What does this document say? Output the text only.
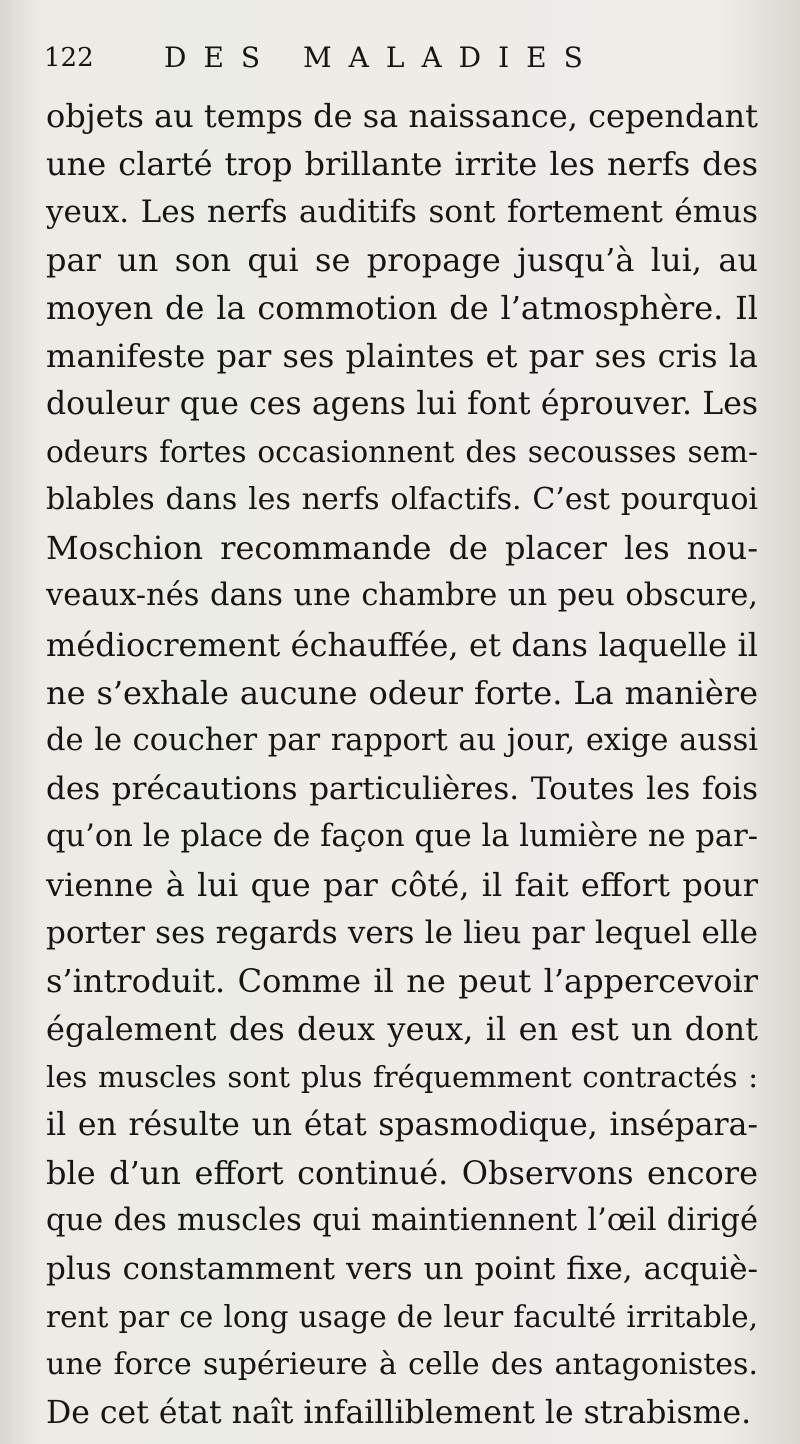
122	DES MALADIES
objets au temps de sa naissance, cependant
une clarté trop brillante irrite les nerfs des
yeux. Les nerfs auditifs sont fortement émus
par un son qui se propage jusqu’à lui, au
moyen de la commotion de l’atmosphère. Il
manifeste par ses plaintes et par ses cris la
douleur que ces agens lui font éprouver. Les
odeurs fortes occasionnent des secousses sem-
blables dans les nerfs olfactifs. C’est pourquoi
Moschion recommande de placer les nou-
veaux-nés dans une chambre un peu obscure,
médiocrement échauffée, et dans laquelle il
ne s’exhale aucune odeur forte. La manière
de le coucher par rapport au jour, exige aussi
des précautions particulières. Toutes les fois
qu’on le place de façon que la lumière ne par-
vienne à lui que par côté, il fait effort pour
porter ses regards vers le lieu par lequel elle
s’introduit. Comme il ne peut l’appercevoir
également des deux yeux, il en est un dont
les muscles sont plus fréquemment contractés :
il en résulte un état spasmodique, insépara-
ble d’un effort continué. Observons encore
que des muscles qui maintiennent l’œil dirigé
plus constamment vers un point fixe, acquiè-
rent par ce long usage de leur faculté irritable,
une force supérieure à celle des antagonistes.
De cet état naît infailliblement le strabisme.
